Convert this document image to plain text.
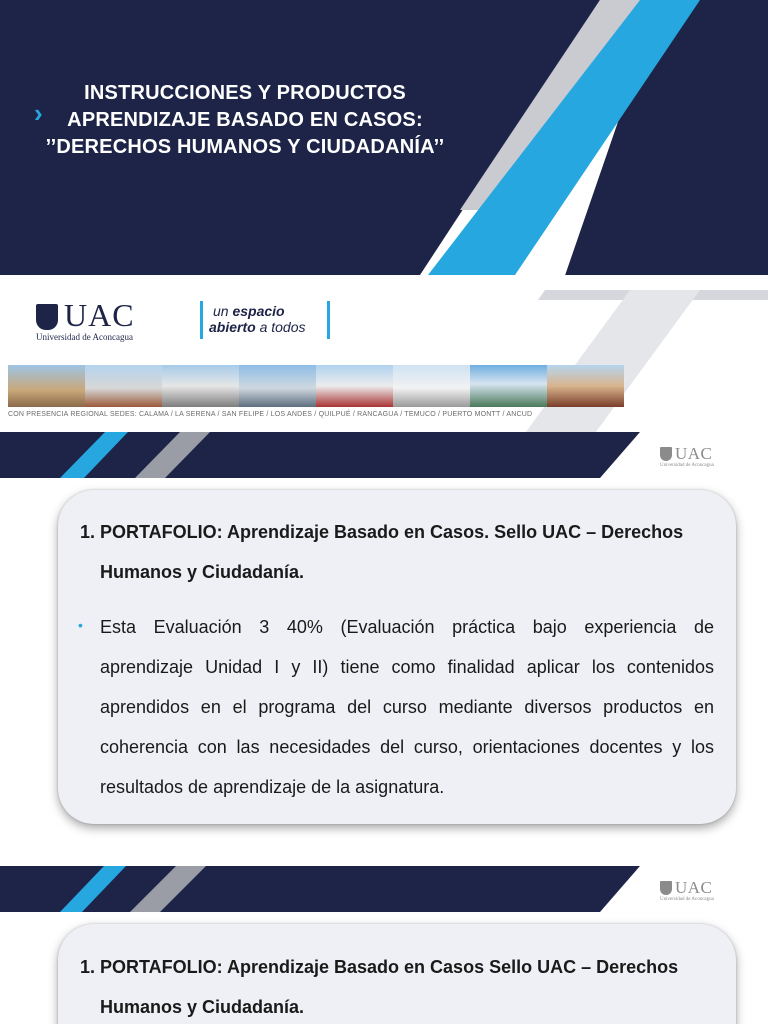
›
INSTRUCCIONES Y PRODUCTOS
APRENDIZAJE BASADO EN CASOS:
’’DERECHOS HUMANOS Y CIUDADANÍA’’
UAC
Universidad de Aconcagua
un espacio
abierto a todos
CON PRESENCIA REGIONAL SEDES: CALAMA / LA SERENA / SAN FELIPE / LOS ANDES / QUILPUÉ / RANCAGUA / TEMUCO / PUERTO MONTT / ANCUD
UAC
Universidad de Aconcagua
1. PORTAFOLIO: Aprendizaje Basado en Casos. Sello UAC – Derechos
Humanos y Ciudadanía.
• Esta Evaluación 3 40% (Evaluación práctica bajo experiencia de
aprendizaje Unidad I y II) tiene como finalidad aplicar los contenidos
aprendidos en el programa del curso mediante diversos productos en
coherencia con las necesidades del curso, orientaciones docentes y los
resultados de aprendizaje de la asignatura.
UAC
Universidad de Aconcagua
1. PORTAFOLIO: Aprendizaje Basado en Casos Sello UAC – Derechos
Humanos y Ciudadanía.
